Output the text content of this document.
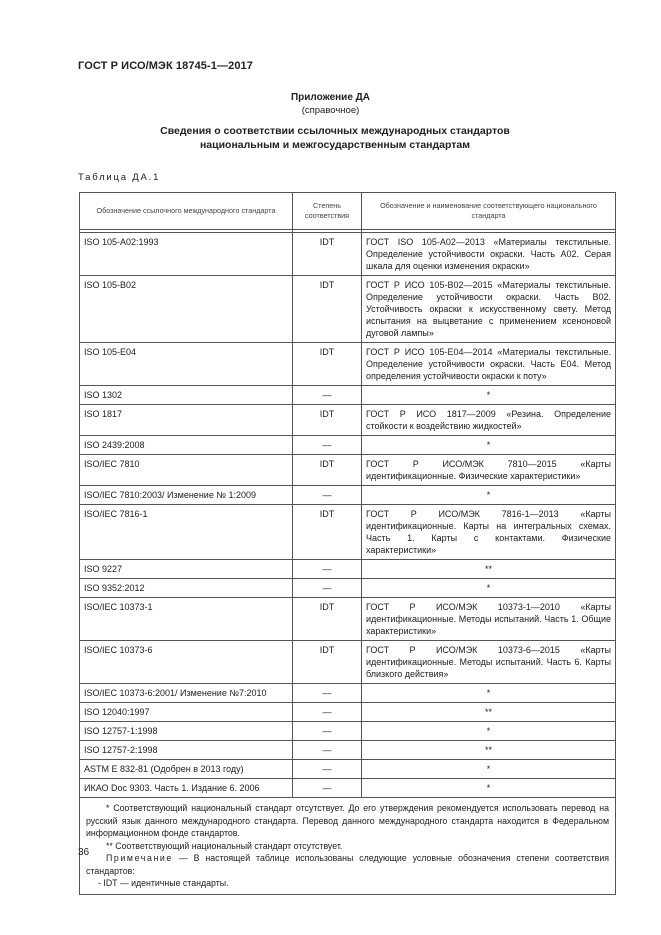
ГОСТ Р ИСО/МЭК 18745-1—2017
Приложение ДА
(справочное)
Сведения о соответствии ссылочных международных стандартов
национальным и межгосударственным стандартам
Таблица ДА.1
Обозначение ссылочного международного стандарта	Степень соответствия	Обозначение и наименование соответствующего национального стандарта

ISO 105-A02:1993	IDT	ГОСТ ISO 105-A02—2013 «Материалы текстильные. Определение устойчивости окраски. Часть А02. Серая шкала для оценки изменения окраски»
ISO 105-B02	IDT	ГОСТ Р ИСО 105-В02—2015 «Материалы текстильные. Определение устойчивости окраски. Часть В02. Устойчивость окраски к искусственному свету. Метод испытания на выцветание с применением ксеноновой дуговой лампы»
ISO 105-E04	IDT	ГОСТ Р ИСО 105-Е04—2014 «Материалы текстильные. Определение устойчивости окраски. Часть Е04. Метод определения устойчивости окраски к поту»
ISO 1302	—	*
ISO 1817	IDT	ГОСТ Р ИСО 1817—2009 «Резина. Определение стойкости к воздействию жидкостей»
ISO 2439:2008	—	*
ISO/IEC 7810	IDT	ГОСТ Р ИСО/МЭК 7810—2015 «Карты идентификационные. Физические характеристики»
ISO/IEC 7810:2003/ Изменение № 1:2009	—	*
ISO/IEC 7816-1	IDT	ГОСТ Р ИСО/МЭК 7816-1—2013 «Карты идентификационные. Карты на интегральных схемах. Часть 1. Карты с контактами. Физические характеристики»
ISO 9227	—	**
ISO 9352:2012	—	*
ISO/IEC 10373-1	IDT	ГОСТ Р ИСО/МЭК 10373-1—2010 «Карты идентификационные. Методы испытаний. Часть 1. Общие характеристики»
ISO/IEC 10373-6	IDT	ГОСТ Р ИСО/МЭК 10373-6—2015 «Карты идентификационные. Методы испытаний. Часть 6. Карты близкого действия»
ISO/IEC 10373-6:2001/ Изменение №7:2010	—	*
ISO 12040:1997	—	**
ISO 12757-1:1998	—	*
ISO 12757-2:1998	—	**
ASTM E 832-81 (Одобрен в 2013 году)	—	*
ИКАО Doc 9303. Часть 1. Издание 6. 2006	—	*

* Соответствующий национальный стандарт отсутствует. До его утверждения рекомендуется использовать перевод на русский язык данного международного стандарта. Перевод данного международного стандарта находится в Федеральном информационном фонде стандартов.

** Соответствующий национальный стандарт отсутствует.

Примечание — В настоящей таблице использованы следующие условные обозначения степени соответствия стандартов:

- IDT — идентичные стандарты.		

36
